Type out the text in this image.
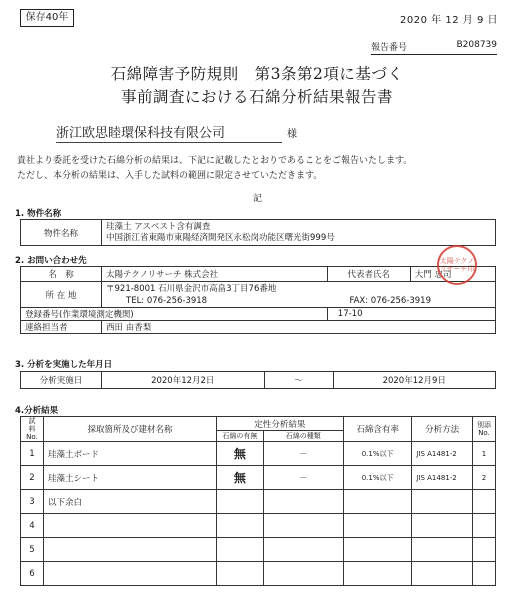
保存40年	2020 年 12 月 9 日
報告番号	B208739
石綿障害予防規則　第3条第2項に基づく
事前調査における石綿分析結果報告書
浙江欧思睦環保科技有限公司	様
貴社より委託を受けた石綿分析の結果は、下記に記載したとおりであることをご報告いたします。
ただし、本分析の結果は、入手した試料の範囲に限定させていただきます。
記
1. 物件名称
物件名称	
珪藻土 アスベスト含有調査
中国浙江省東陽市東陽経済開発区永松岗功能区曙光街999号
2. お問い合わせ先
名　称	太陽テクノリサーチ 株式会社	代表者氏名	大門 忠司
所 在 地	〒921-8001 石川県金沢市高畠3丁目76番地
TEL: 076-256-3918 FAX: 076-256-3919		

登録番号(作業環境測定機関)		17-10	
連絡担当者	西田 由香梨		
太陽テクノリサーチ印
3. 分析を実施した年月日
分析実施日	2020年12月2日	〜	2020年12月9日
4.分析結果
試料 No.	採取箇所及び建材名称	定性分析結果		石綿含有率	分析方法	別添 No.
		石綿の有無	石綿の種類			
1	珪藻土ボード	無	－	0.1%以下	JIS A1481-2	1
2	珪藻土シート	無	－	0.1%以下	JIS A1481-2	2
3	以下余白					
4						
5						
6						
